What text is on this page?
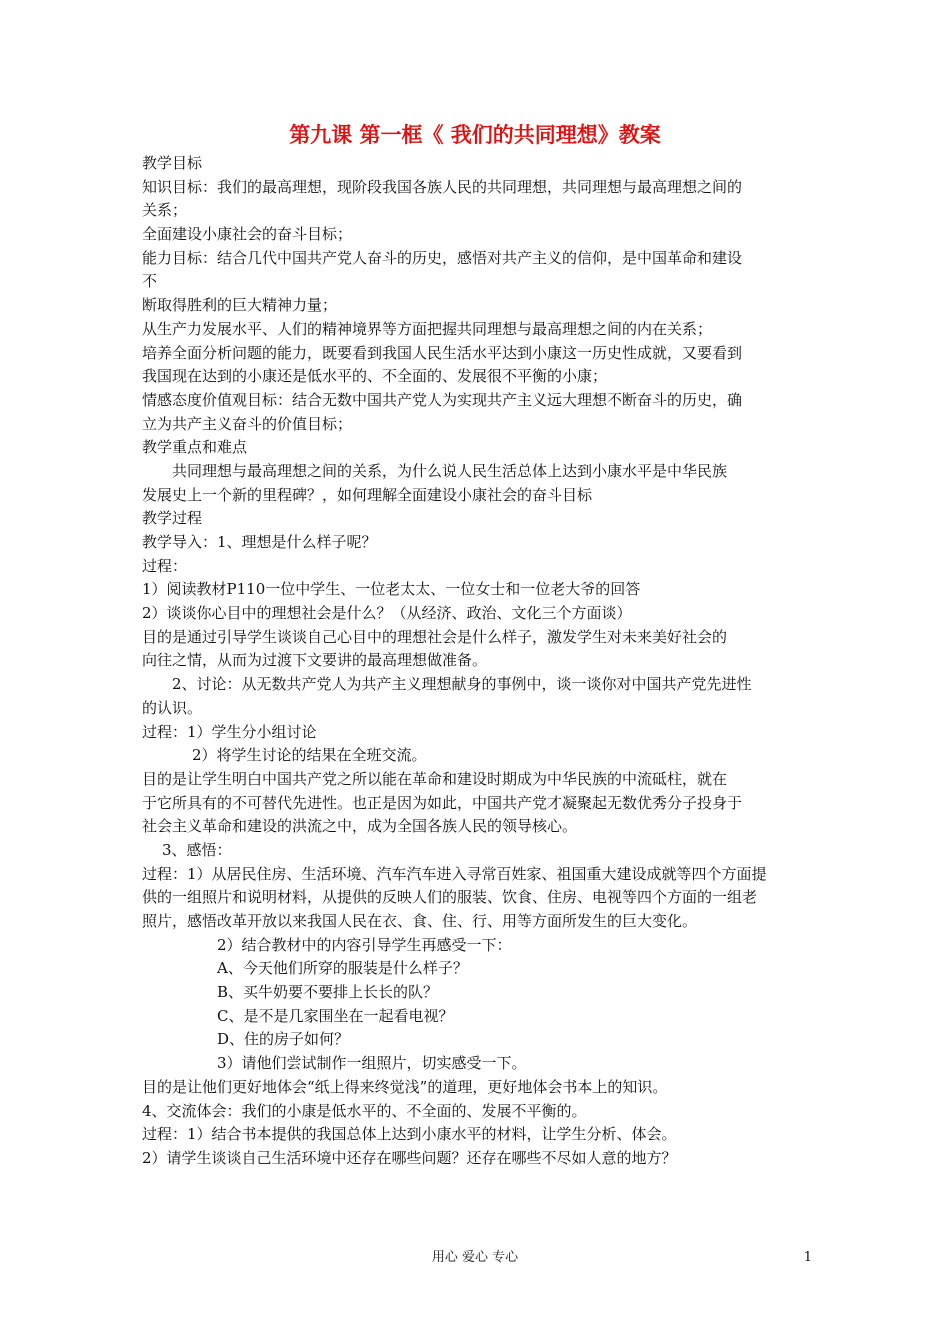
第九课 第一框《 我们的共同理想》教案
教学目标
知识目标：我们的最高理想，现阶段我国各族人民的共同理想，共同理想与最高理想之间的
关系；
全面建设小康社会的奋斗目标；
能力目标：结合几代中国共产党人奋斗的历史，感悟对共产主义的信仰，是中国革命和建设
不
断取得胜利的巨大精神力量；
从生产力发展水平、人们的精神境界等方面把握共同理想与最高理想之间的内在关系；
培养全面分析问题的能力，既要看到我国人民生活水平达到小康这一历史性成就，又要看到
我国现在达到的小康还是低水平的、不全面的、发展很不平衡的小康；
情感态度价值观目标：结合无数中国共产党人为实现共产主义远大理想不断奋斗的历史，确
立为共产主义奋斗的价值目标；
教学重点和难点
共同理想与最高理想之间的关系，为什么说人民生活总体上达到小康水平是中华民族
发展史上一个新的里程碑？，如何理解全面建设小康社会的奋斗目标
教学过程
教学导入：1、理想是什么样子呢？
过程：
1）阅读教材P110一位中学生、一位老太太、一位女士和一位老大爷的回答
2）谈谈你心目中的理想社会是什么？（从经济、政治、文化三个方面谈）
目的是通过引导学生谈谈自己心目中的理想社会是什么样子，激发学生对未来美好社会的
向往之情，从而为过渡下文要讲的最高理想做准备。
2、讨论：从无数共产党人为共产主义理想献身的事例中，谈一谈你对中国共产党先进性
的认识。
过程：1）学生分小组讨论
2）将学生讨论的结果在全班交流。
目的是让学生明白中国共产党之所以能在革命和建设时期成为中华民族的中流砥柱，就在
于它所具有的不可替代先进性。也正是因为如此，中国共产党才凝聚起无数优秀分子投身于
社会主义革命和建设的洪流之中，成为全国各族人民的领导核心。
3、感悟：
过程：1）从居民住房、生活环境、汽车汽车进入寻常百姓家、祖国重大建设成就等四个方面提
供的一组照片和说明材料，从提供的反映人们的服装、饮食、住房、电视等四个方面的一组老
照片，感悟改革开放以来我国人民在衣、食、住、行、用等方面所发生的巨大变化。
2）结合教材中的内容引导学生再感受一下：
A、今天他们所穿的服装是什么样子？
B、买牛奶要不要排上长长的队？
C、是不是几家围坐在一起看电视？
D、住的房子如何？
3）请他们尝试制作一组照片，切实感受一下。
目的是让他们更好地体会“纸上得来终觉浅”的道理，更好地体会书本上的知识。
4、交流体会：我们的小康是低水平的、不全面的、发展不平衡的。
过程：1）结合书本提供的我国总体上达到小康水平的材料，让学生分析、体会。
2）请学生谈谈自己生活环境中还存在哪些问题？还存在哪些不尽如人意的地方？
用心 爱心 专心	1
